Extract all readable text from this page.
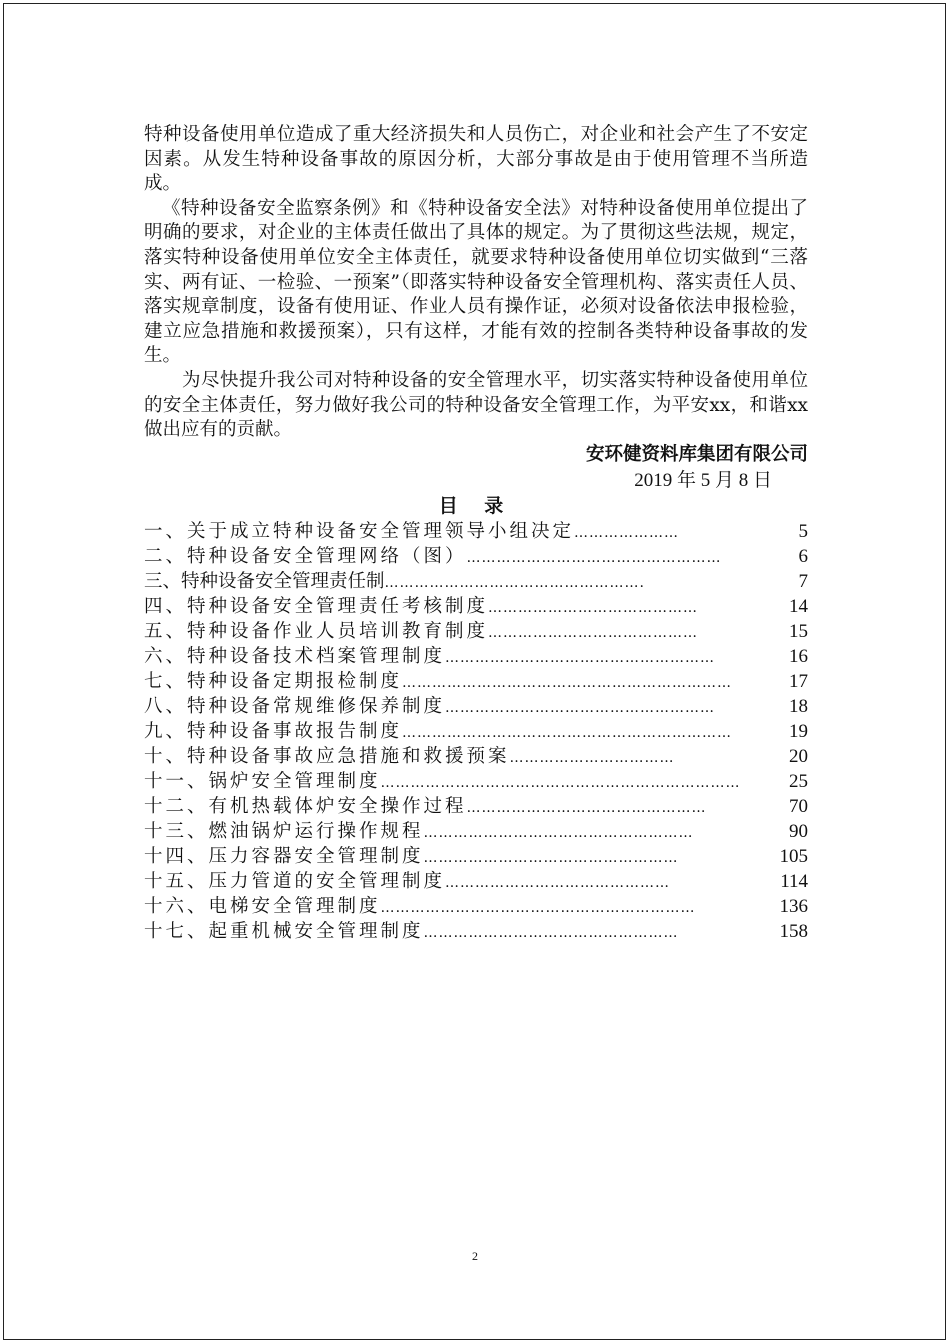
特种设备使用单位造成了重大经济损失和人员伤亡，对企业和社会产生了不安定因素。从发生特种设备事故的原因分析，大部分事故是由于使用管理不当所造成。

《特种设备安全监察条例》和《特种设备安全法》对特种设备使用单位提出了明确的要求，对企业的主体责任做出了具体的规定。为了贯彻这些法规，规定，落实特种设备使用单位安全主体责任，就要求特种设备使用单位切实做到“三落实、两有证、一检验、一预案”（即落实特种设备安全管理机构、落实责任人员、落实规章制度，设备有使用证、作业人员有操作证，必须对设备依法申报检验，建立应急措施和救援预案），只有这样，才能有效的控制各类特种设备事故的发生。

为尽快提升我公司对特种设备的安全管理水平，切实落实特种设备使用单位的安全主体责任，努力做好我公司的特种设备安全管理工作，为平安xx，和谐xx做出应有的贡献。

安环健资料库集团有限公司

2019 年 5 月 8 日

目 录

一、关于成立特种设备安全管理领导小组决定 …………………	5
二、特种设备安全管理网络（图） ……………………………………………	6
三、特种设备安全管理责任制 …………………………………………….	7
四、特种设备安全管理责任考核制度 ……………………………………	14
五、特种设备作业人员培训教育制度 ……………………………………	15
六、特种设备技术档案管理制度 ………………………………………………	16
七、特种设备定期报检制度 …………………………………………………………	17
八、特种设备常规维修保养制度 ………………………………………………	18
九、特种设备事故报告制度 …………………………………………………………	19
十、特种设备事故应急措施和救援预案 ……………………………	20
十一、锅炉安全管理制度 ………………………………………………………………	25
十二、有机热载体炉安全操作过程 …………………………………………	70
十三、燃油锅炉运行操作规程 ………………………………………………	90
十四、压力容器安全管理制度 ……………………………………………	105
十五、压力管道的安全管理制度 ………………………………………	114
十六、电梯安全管理制度 ………………………………………………………	136
十七、起重机械安全管理制度 ……………………………………………	158
2
